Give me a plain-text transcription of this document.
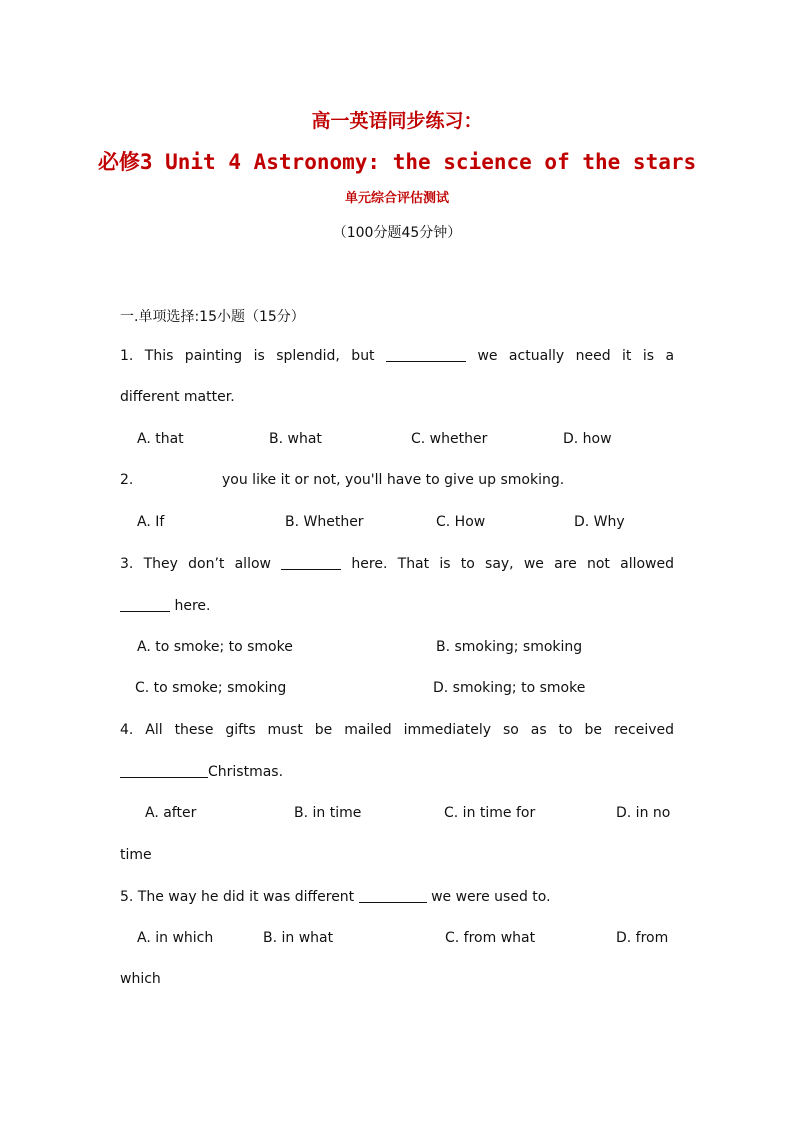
高一英语同步练习：
必修3 Unit 4 Astronomy: the science of the stars
单元综合评估测试
（100分题45分钟）
一.单项选择:15小题（15分）
1. This painting is splendid, but	we actually need it is a
different matter.
A. that	B. what	C. whether	D. how
2.	you like it or not, you'll have to give up smoking.
A. If	B. Whether	C. How	D. Why
3. They don’t allow	here. That is to say, we are not allowed
here.
A. to smoke; to smoke	B. smoking; smoking
C. to smoke; smoking	D. smoking; to smoke
4. All these gifts must be mailed immediately so as to be received
Christmas.
A. after	B. in time	C. in time for	D. in no
time
5. The way he did it was different	we were used to.
A. in which	B. in what	C. from what	D. from
which
